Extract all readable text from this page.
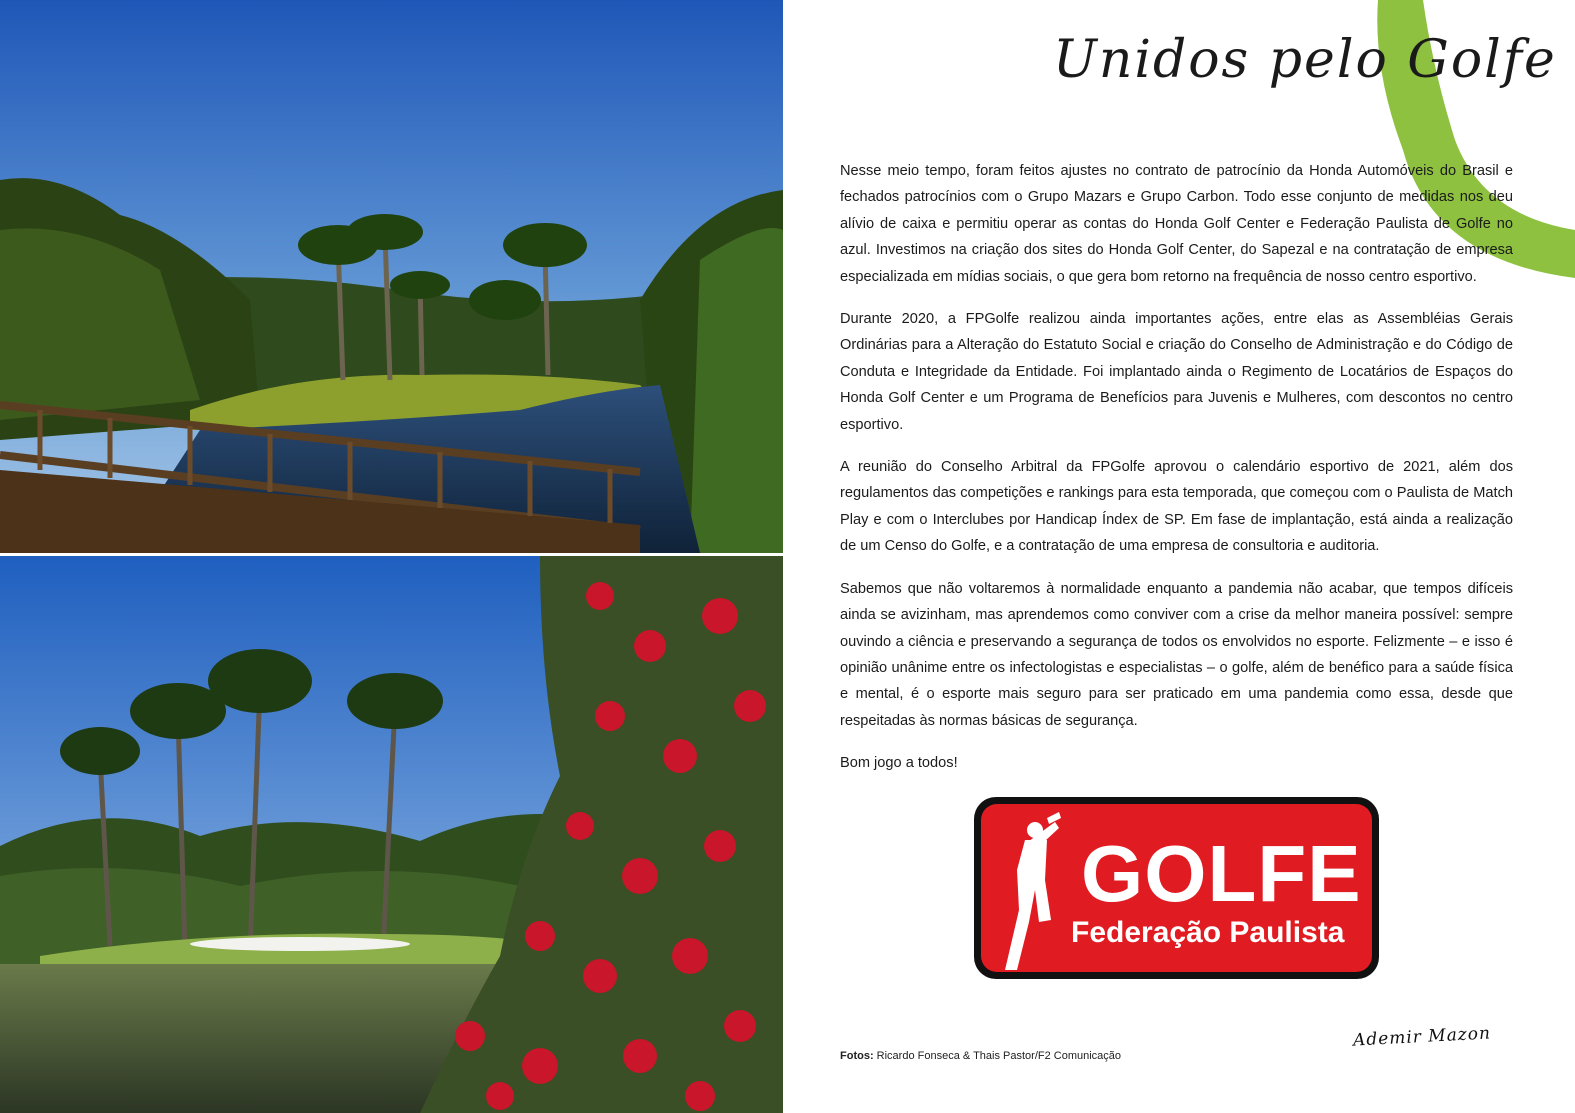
Unidos pelo Golfe

Nesse meio tempo, foram feitos ajustes no contrato de patrocínio da Honda Automóveis do Brasil e fechados patrocínios com o Grupo Mazars e Grupo Carbon. Todo esse conjunto de medidas nos deu alívio de caixa e permitiu operar as contas do Honda Golf Center e Federação Paulista de Golfe no azul. Investimos na criação dos sites do Honda Golf Center, do Sapezal e na contratação de empresa especializada em mídias sociais, o que gera bom retorno na frequência de nosso centro esportivo.

Durante 2020, a FPGolfe realizou ainda importantes ações, entre elas as Assembléias Gerais Ordinárias para a Alteração do Estatuto Social e criação do Conselho de Administração e do Código de Conduta e Integridade da Entidade. Foi implantado ainda o Regimento de Locatários de Espaços do Honda Golf Center e um Programa de Benefícios para Juvenis e Mulheres, com descontos no centro esportivo.

A reunião do Conselho Arbitral da FPGolfe aprovou o calendário esportivo de 2021, além dos regulamentos das competições e rankings para esta temporada, que começou com o Paulista de Match Play e com o Interclubes por Handicap Índex de SP. Em fase de implantação, está ainda a realização de um Censo do Golfe, e a contratação de uma empresa de consultoria e auditoria.

Sabemos que não voltaremos à normalidade enquanto a pandemia não acabar, que tempos difíceis ainda se avizinham, mas aprendemos como conviver com a crise da melhor maneira possível: sempre ouvindo a ciência e preservando a segurança de todos os envolvidos no esporte. Felizmente – e isso é opinião unânime entre os infectologistas e especialistas – o golfe, além de benéfico para a saúde física e mental, é o esporte mais seguro para ser praticado em uma pandemia como essa, desde que respeitadas às normas básicas de segurança.

Bom jogo a todos!

GOLFE
Federação Paulista
Fotos: Ricardo Fonseca & Thais Pastor/F2 Comunicação
Ademir Mazon
